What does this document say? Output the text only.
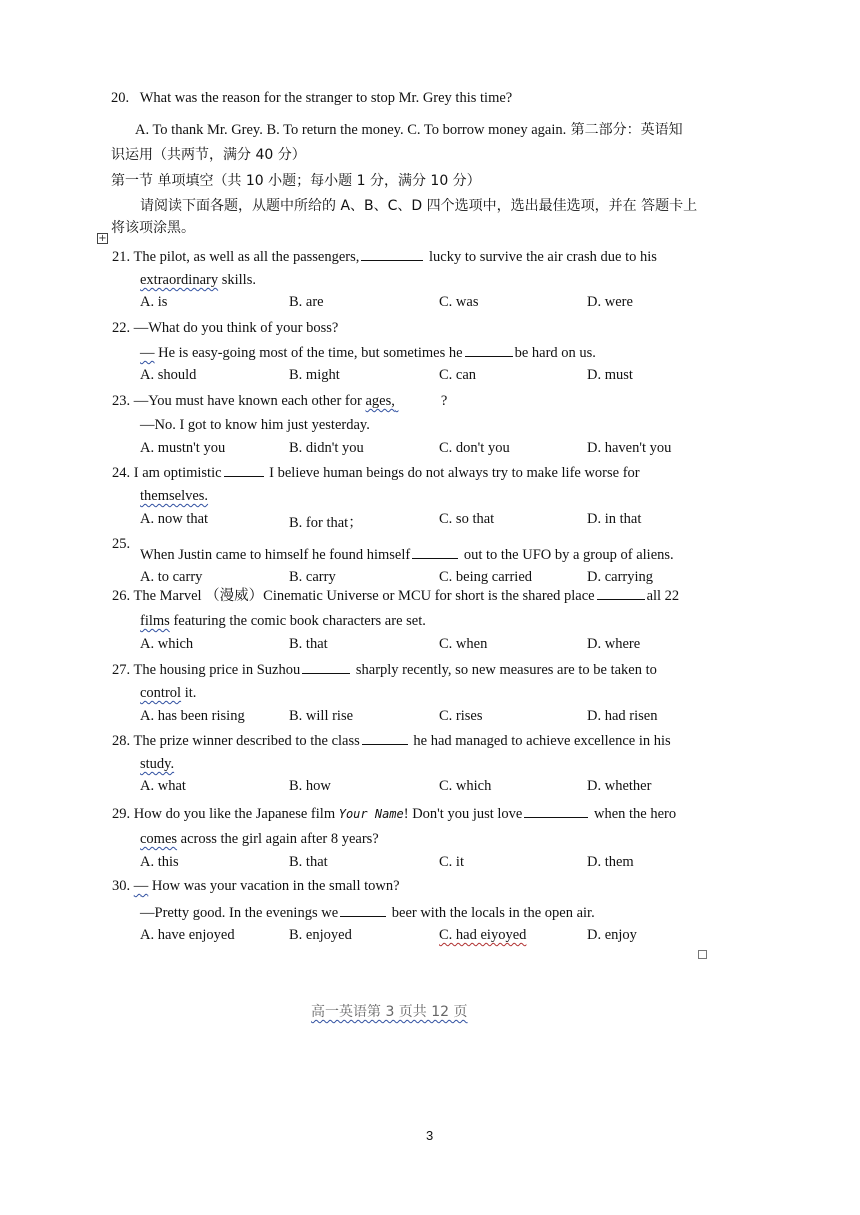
20. What was the reason for the stranger to stop Mr. Grey this time?
A. To thank Mr. Grey. B. To return the money. C. To borrow money again. 第二部分：英语知
识运用（共两节，满分 40 分）
第一节 单项填空（共 10 小题；每小题 1 分，满分 10 分）
请阅读下面各题，从题中所给的 A、B、C、D 四个选项中，选出最佳选项，并在 答题卡上
+
将该项涂黑。
21. The pilot, as well as all the passengers,	lucky to survive the air crash due to his
extraordinary skills.
A. is	B. are	C. was	D. were
22. —What do you think of your boss?
— He is easy-going most of the time, but sometimes he	be hard on us.
A. should	B. might	C. can	D. must
23. —You must have known each other for ages,	?
—No. I got to know him just yesterday.
A. mustn't you	B. didn't you	C. don't you	D. haven't you
24. I am optimistic	I believe human beings do not always try to make life worse for
themselves.
A. now that	B. for that；	C. so that	D. in that
25.
When Justin came to himself he found himself	out to the UFO by a group of aliens.
A. to carry	B. carry	C. being carried	D. carrying
26. The Marvel （漫威）Cinematic Universe or MCU for short is the shared place	all 22
films featuring the comic book characters are set.
A. which	B. that	C. when	D. where
27. The housing price in Suzhou	sharply recently, so new measures are to be taken to
control it.
A. has been rising	B. will rise	C. rises	D. had risen
28. The prize winner described to the class	he had managed to achieve excellence in his
study.
A. what	B. how	C. which	D. whether
29. How do you like the Japanese film Your Name! Don't you just love	when the hero
comes across the girl again after 8 years?
A. this	B. that	C. it	D. them
30. — How was your vacation in the small town?
—Pretty good. In the evenings we	beer with the locals in the open air.
A. have enjoyed	B. enjoyed	C. had eiyoyed	D. enjoy
高一英语第 3 页共 12 页
3
